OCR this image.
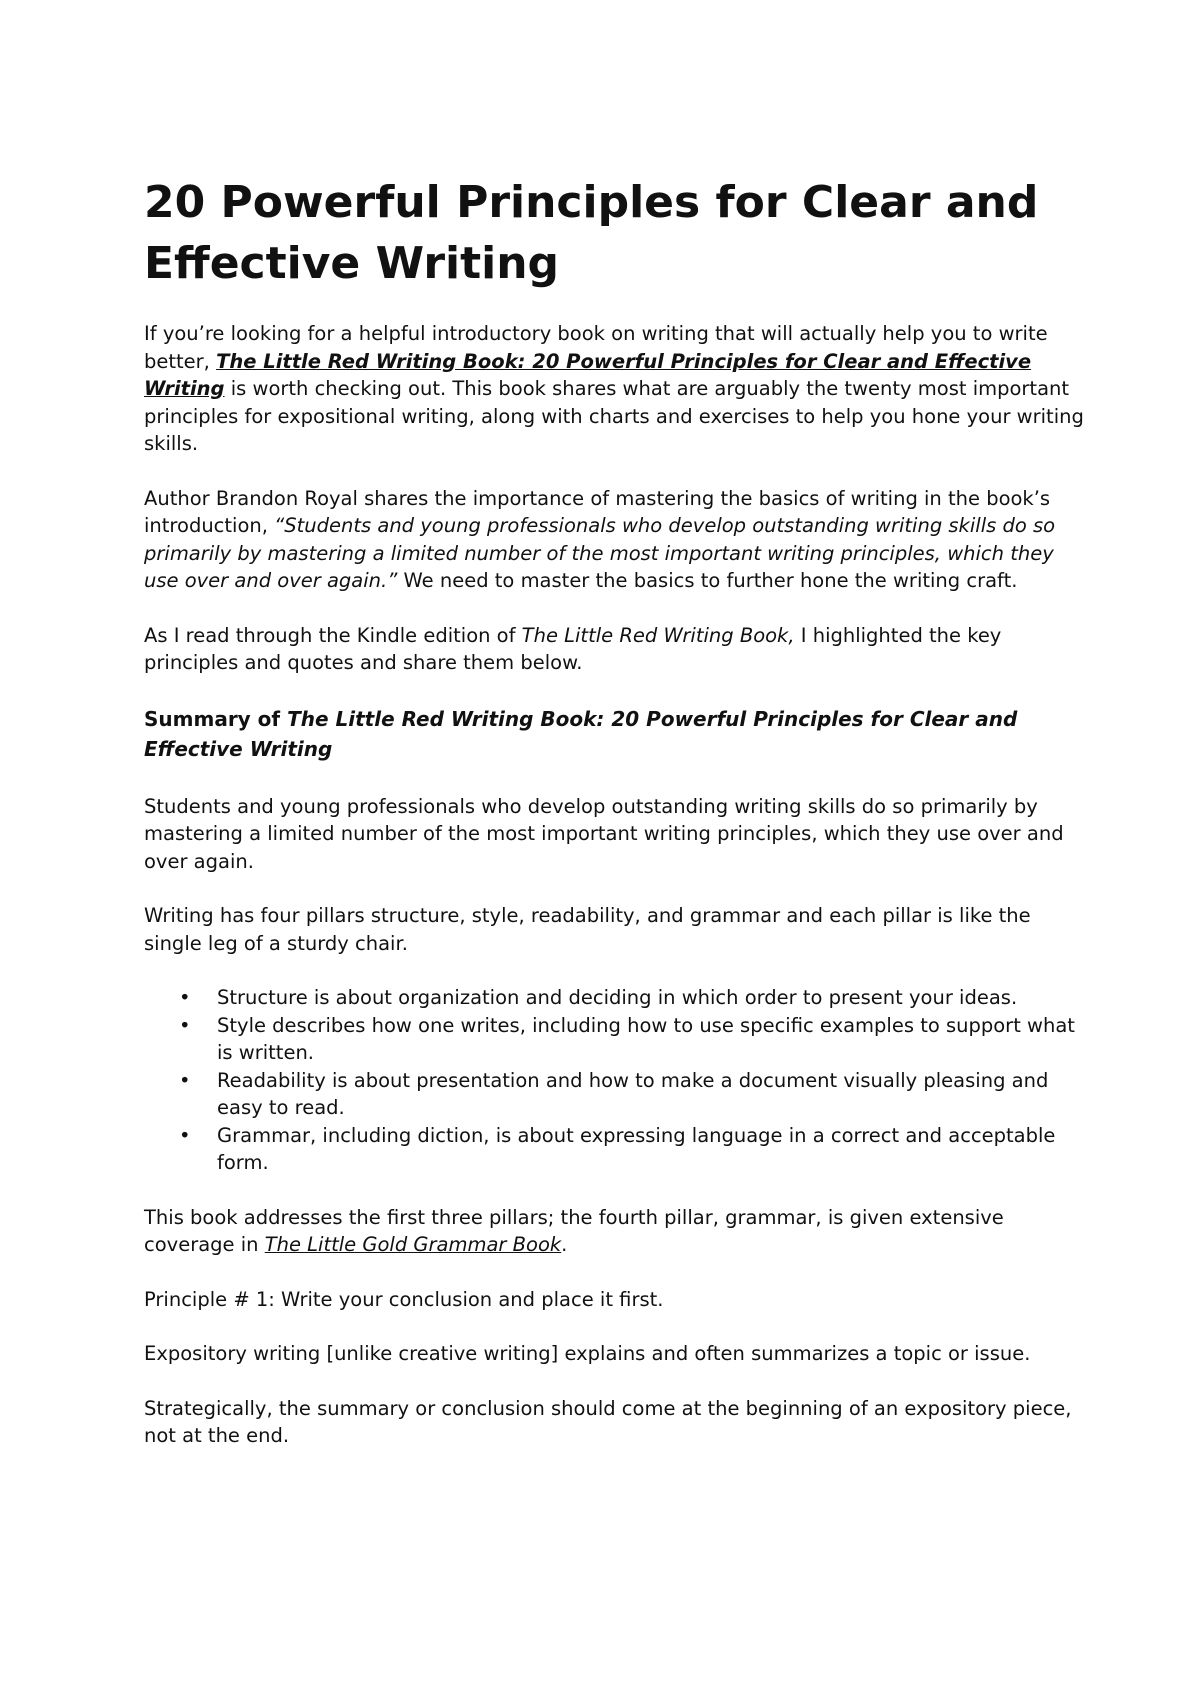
20 Powerful Principles for Clear and Effective Writing

If you’re looking for a helpful introductory book on writing that will actually help you to write better, The Little Red Writing Book: 20 Powerful Principles for Clear and Effective Writing is worth checking out. This book shares what are arguably the twenty most important principles for expositional writing, along with charts and exercises to help you hone your writing skills.

Author Brandon Royal shares the importance of mastering the basics of writing in the book’s introduction, “Students and young professionals who develop outstanding writing skills do so primarily by mastering a limited number of the most important writing principles, which they use over and over again.” We need to master the basics to further hone the writing craft.

As I read through the Kindle edition of The Little Red Writing Book, I highlighted the key principles and quotes and share them below.

Summary of The Little Red Writing Book: 20 Powerful Principles for Clear and Effective Writing

Students and young professionals who develop outstanding writing skills do so primarily by mastering a limited number of the most important writing principles, which they use over and over again.

Writing has four pillars structure, style, readability, and grammar and each pillar is like the single leg of a sturdy chair.

• Structure is about organization and deciding in which order to present your ideas.
• Style describes how one writes, including how to use specific examples to support what is written.
• Readability is about presentation and how to make a document visually pleasing and easy to read.
• Grammar, including diction, is about expressing language in a correct and acceptable form.

This book addresses the first three pillars; the fourth pillar, grammar, is given extensive coverage in The Little Gold Grammar Book.

Principle # 1: Write your conclusion and place it first.

Expository writing [unlike creative writing] explains and often summarizes a topic or issue.

Strategically, the summary or conclusion should come at the beginning of an expository piece, not at the end.
